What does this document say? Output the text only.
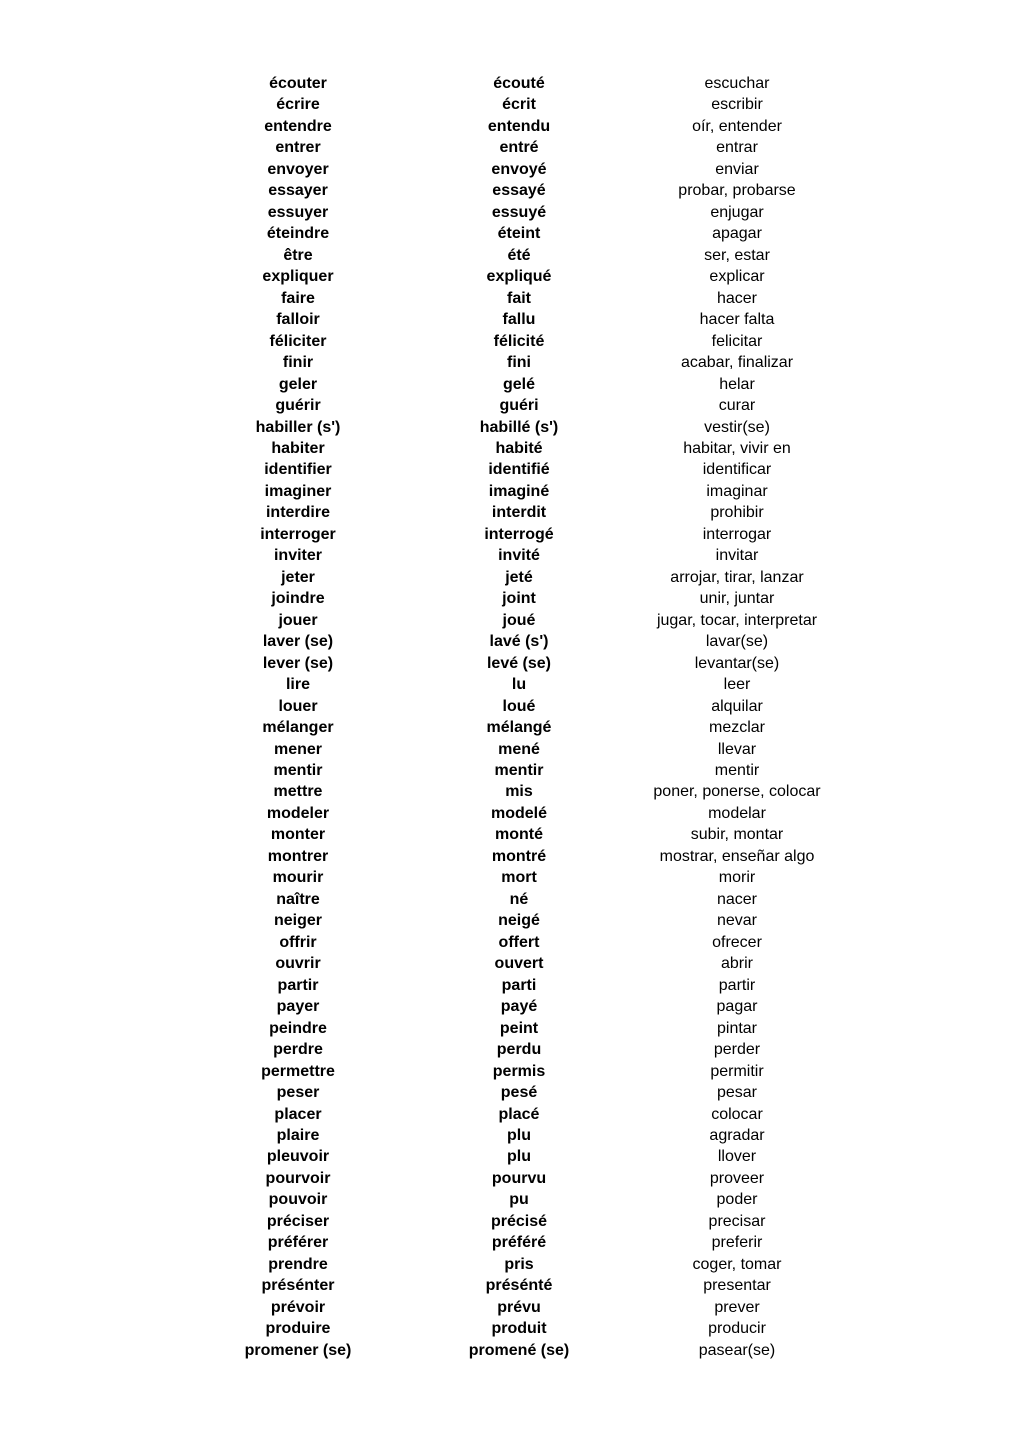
écouter	écouté	escuchar
écrire	écrit	escribir
entendre	entendu	oír, entender
entrer	entré	entrar
envoyer	envoyé	enviar
essayer	essayé	probar, probarse
essuyer	essuyé	enjugar
éteindre	éteint	apagar
être	été	ser, estar
expliquer	expliqué	explicar
faire	fait	hacer
falloir	fallu	hacer falta
féliciter	félicité	felicitar
finir	fini	acabar, finalizar
geler	gelé	helar
guérir	guéri	curar
habiller (s')	habillé (s')	vestir(se)
habiter	habité	habitar, vivir en
identifier	identifié	identificar
imaginer	imaginé	imaginar
interdire	interdit	prohibir
interroger	interrogé	interrogar
inviter	invité	invitar
jeter	jeté	arrojar, tirar, lanzar
joindre	joint	unir, juntar
jouer	joué	jugar, tocar, interpretar
laver (se)	lavé (s')	lavar(se)
lever (se)	levé (se)	levantar(se)
lire	lu	leer
louer	loué	alquilar
mélanger	mélangé	mezclar
mener	mené	llevar
mentir	mentir	mentir
mettre	mis	poner, ponerse, colocar
modeler	modelé	modelar
monter	monté	subir, montar
montrer	montré	mostrar, enseñar algo
mourir	mort	morir
naître	né	nacer
neiger	neigé	nevar
offrir	offert	ofrecer
ouvrir	ouvert	abrir
partir	parti	partir
payer	payé	pagar
peindre	peint	pintar
perdre	perdu	perder
permettre	permis	permitir
peser	pesé	pesar
placer	placé	colocar
plaire	plu	agradar
pleuvoir	plu	llover
pourvoir	pourvu	proveer
pouvoir	pu	poder
préciser	précisé	precisar
préférer	préféré	preferir
prendre	pris	coger, tomar
présénter	présénté	presentar
prévoir	prévu	prever
produire	produit	producir
promener (se)	promené (se)	pasear(se)
